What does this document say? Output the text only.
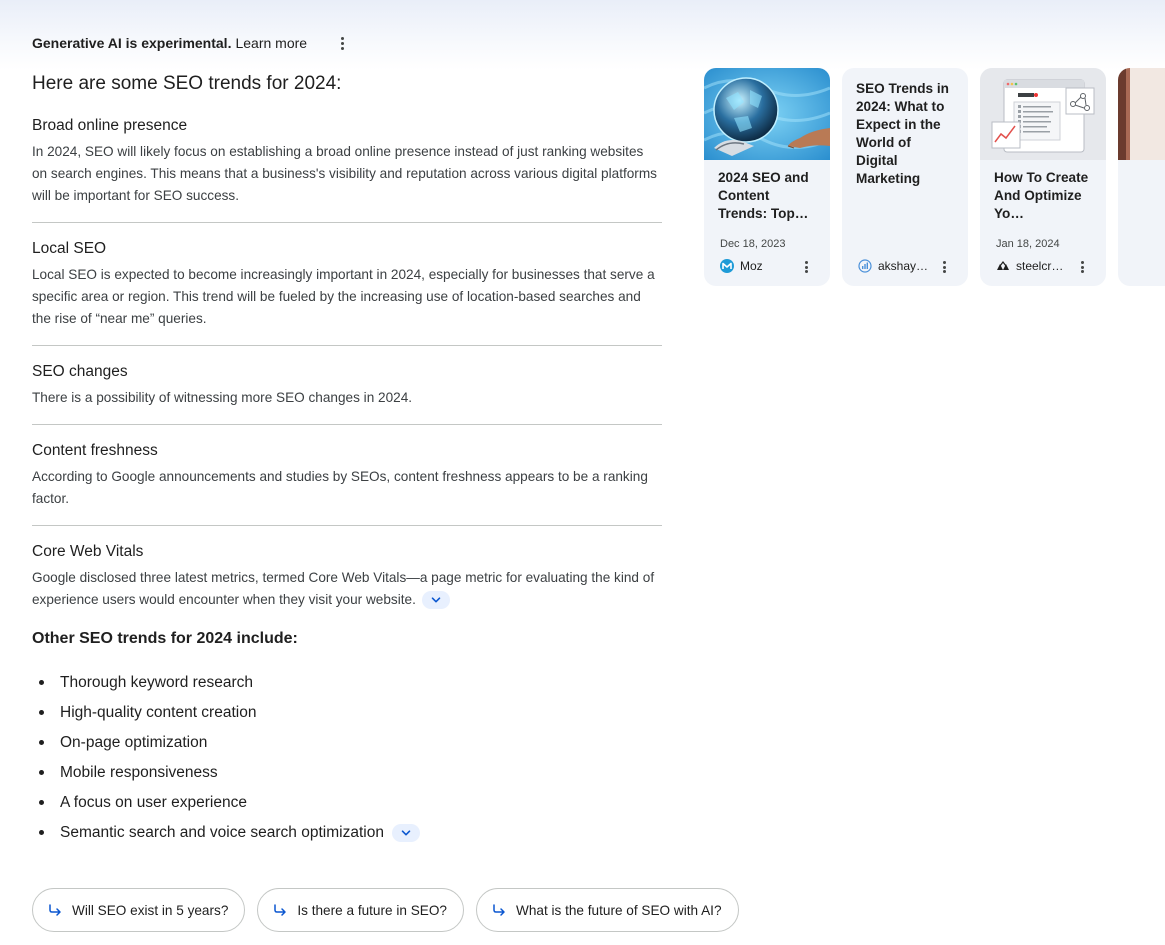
Generative AI is experimental. Learn more
Here are some SEO trends for 2024:
Broad online presence
In 2024, SEO will likely focus on establishing a broad online presence instead of just ranking websites on search engines. This means that a business's visibility and reputation across various digital platforms will be important for SEO success.
Local SEO
Local SEO is expected to become increasingly important in 2024, especially for businesses that serve a specific area or region. This trend will be fueled by the increasing use of location-based searches and the rise of “near me” queries.
SEO changes
There is a possibility of witnessing more SEO changes in 2024.
Content freshness
According to Google announcements and studies by SEOs, content freshness appears to be a ranking factor.
Core Web Vitals
Google disclosed three latest metrics, termed Core Web Vitals—a page metric for evaluating the kind of experience users would encounter when they visit your website.
Other SEO trends for 2024 include:
Thorough keyword research
High-quality content creation
On-page optimization
Mobile responsiveness
A focus on user experience
Semantic search and voice search optimization
Will SEO exist in 5 years?	Is there a future in SEO?	What is the future of SEO with AI?
2024 SEO and Content Trends: Top…
Dec 18, 2023
Moz
SEO Trends in 2024: What to Expect in the World of Digital Marketing
akshay…
How To Create And Optimize Yo…
Jan 18, 2024
steelcr…
